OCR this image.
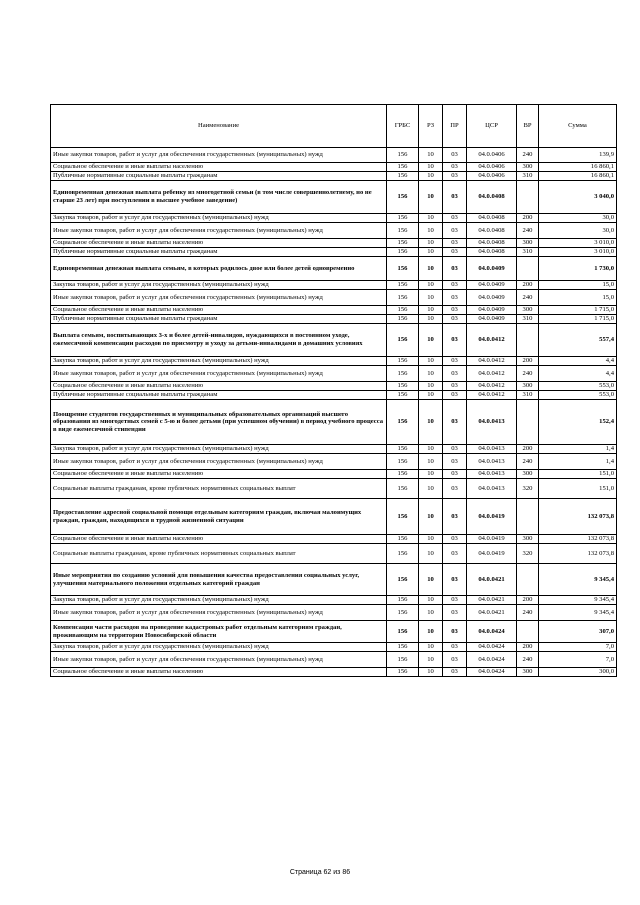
Наименование	ГРБС	РЗ	ПР	ЦСР	ВР	Сумма
Иные закупки товаров, работ и услуг для обеспечения государственных (муниципальных) нужд	156	10	03	04.0.0406	240	139,9
Социальное обеспечение и иные выплаты населению	156	10	03	04.0.0406	300	16 860,1
Публичные нормативные социальные выплаты гражданам	156	10	03	04.0.0406	310	16 860,1
Единовременная денежная выплата ребенку из многодетной семьи (в том числе совершеннолетнему, но не старше 23 лет) при поступлении в высшее учебное заведение)	156	10	03	04.0.0408		3 040,0
Закупка товаров, работ и услуг для государственных (муниципальных) нужд	156	10	03	04.0.0408	200	30,0
Иные закупки товаров, работ и услуг для обеспечения государственных (муниципальных) нужд	156	10	03	04.0.0408	240	30,0
Социальное обеспечение и иные выплаты населению	156	10	03	04.0.0408	300	3 010,0
Публичные нормативные социальные выплаты гражданам	156	10	03	04.0.0408	310	3 010,0
Единовременная денежная выплата семьям, в которых родилось двое или более детей одновременно	156	10	03	04.0.0409		1 730,0
Закупка товаров, работ и услуг для государственных (муниципальных) нужд	156	10	03	04.0.0409	200	15,0
Иные закупки товаров, работ и услуг для обеспечения государственных (муниципальных) нужд	156	10	03	04.0.0409	240	15,0
Социальное обеспечение и иные выплаты населению	156	10	03	04.0.0409	300	1 715,0
Публичные нормативные социальные выплаты гражданам	156	10	03	04.0.0409	310	1 715,0
Выплата семьям, воспитывающих 3-х и более детей-инвалидов, нуждающихся в постоянном уходе, ежемесячной компенсации расходов по присмотру и уходу за детьми-инвалидами в домашних условиях	156	10	03	04.0.0412		557,4
Закупка товаров, работ и услуг для государственных (муниципальных) нужд	156	10	03	04.0.0412	200	4,4
Иные закупки товаров, работ и услуг для обеспечения государственных (муниципальных) нужд	156	10	03	04.0.0412	240	4,4
Социальное обеспечение и иные выплаты населению	156	10	03	04.0.0412	300	553,0
Публичные нормативные социальные выплаты гражданам	156	10	03	04.0.0412	310	553,0
Поощрение студентов государственных и муниципальных образовательных организаций высшего образования из многодетных семей с 5-ю и более детьми (при успешном обучении) в период учебного процесса в виде ежемесячной стипендии	156	10	03	04.0.0413		152,4
Закупка товаров, работ и услуг для государственных (муниципальных) нужд	156	10	03	04.0.0413	200	1,4
Иные закупки товаров, работ и услуг для обеспечения государственных (муниципальных) нужд	156	10	03	04.0.0413	240	1,4
Социальное обеспечение и иные выплаты населению	156	10	03	04.0.0413	300	151,0
Социальные выплаты гражданам, кроме публичных нормативных социальных выплат	156	10	03	04.0.0413	320	151,0
Предоставление адресной социальной помощи отдельным категориям граждан, включая малоимущих граждан, граждан, находящихся в трудной жизненной ситуации	156	10	03	04.0.0419		132 073,8
Социальное обеспечение и иные выплаты населению	156	10	03	04.0.0419	300	132 073,8
Социальные выплаты гражданам, кроме публичных нормативных социальных выплат	156	10	03	04.0.0419	320	132 073,8
Иные мероприятия по созданию условий для повышения качества предоставления социальных услуг, улучшения материального положения отдельных категорий граждан	156	10	03	04.0.0421		9 345,4
Закупка товаров, работ и услуг для государственных (муниципальных) нужд	156	10	03	04.0.0421	200	9 345,4
Иные закупки товаров, работ и услуг для обеспечения государственных (муниципальных) нужд	156	10	03	04.0.0421	240	9 345,4
Компенсация части расходов на проведение кадастровых работ отдельным категориям граждан, проживающим на территории Новосибирской области	156	10	03	04.0.0424		307,0
Закупка товаров, работ и услуг для государственных (муниципальных) нужд	156	10	03	04.0.0424	200	7,0
Иные закупки товаров, работ и услуг для обеспечения государственных (муниципальных) нужд	156	10	03	04.0.0424	240	7,0
Социальное обеспечение и иные выплаты населению	156	10	03	04.0.0424	300	300,0
Страница 62 из 86
